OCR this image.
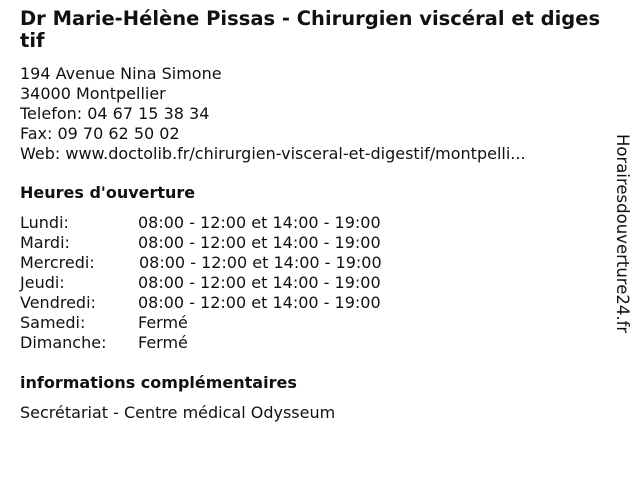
Dr Marie-Hélène Pissas - Chirurgien viscéral et digestif
194 Avenue Nina Simone
34000 Montpellier
Telefon: 04 67 15 38 34
Fax: 09 70 62 50 02
Web: www.doctolib.fr/chirurgien-visceral-et-digestif/montpelli...
Heures d'ouverture
Lundi:	08:00 - 12:00 et 14:00 - 19:00
Mardi:	08:00 - 12:00 et 14:00 - 19:00
Mercredi:	08:00 - 12:00 et 14:00 - 19:00
Jeudi:	08:00 - 12:00 et 14:00 - 19:00
Vendredi:	08:00 - 12:00 et 14:00 - 19:00
Samedi:	Fermé
Dimanche: Fermé
informations complémentaires
Secrétariat - Centre médical Odysseum
Horairesdouverture24.fr
